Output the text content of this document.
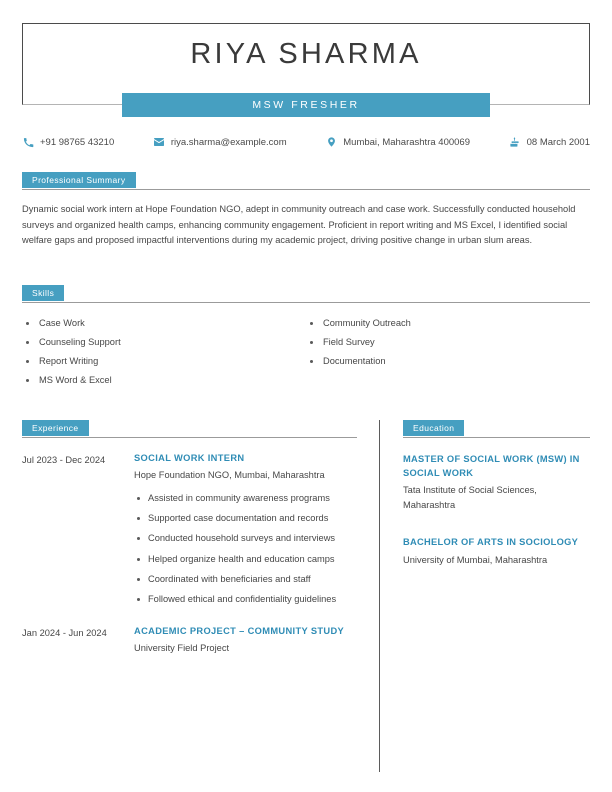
RIYA SHARMA
MSW FRESHER
+91 98765 43210	riya.sharma@example.com	Mumbai, Maharashtra 400069	08 March 2001
Professional Summary

Dynamic social work intern at Hope Foundation NGO, adept in community outreach and case work. Successfully conducted household surveys and organized health camps, enhancing community engagement. Proficient in report writing and MS Excel, I identified social welfare gaps and proposed impactful interventions during my academic project, driving positive change in urban slum areas.

Skills
Case Work
Counseling Support
Report Writing
MS Word & Excel
Community Outreach
Field Survey
Documentation
Experience
Jul 2023 - Dec 2024	SOCIAL WORK INTERN
Hope Foundation NGO, Mumbai, Maharashtra
Assisted in community awareness programs
Supported case documentation and records
Conducted household surveys and interviews
Helped organize health and education camps
Coordinated with beneficiaries and staff
Followed ethical and confidentiality guidelines
Jan 2024 - Jun 2024	ACADEMIC PROJECT – COMMUNITY STUDY
University Field Project
Education
MASTER OF SOCIAL WORK (MSW) IN SOCIAL WORK
Tata Institute of Social Sciences, Maharashtra
BACHELOR OF ARTS IN SOCIOLOGY
University of Mumbai, Maharashtra
